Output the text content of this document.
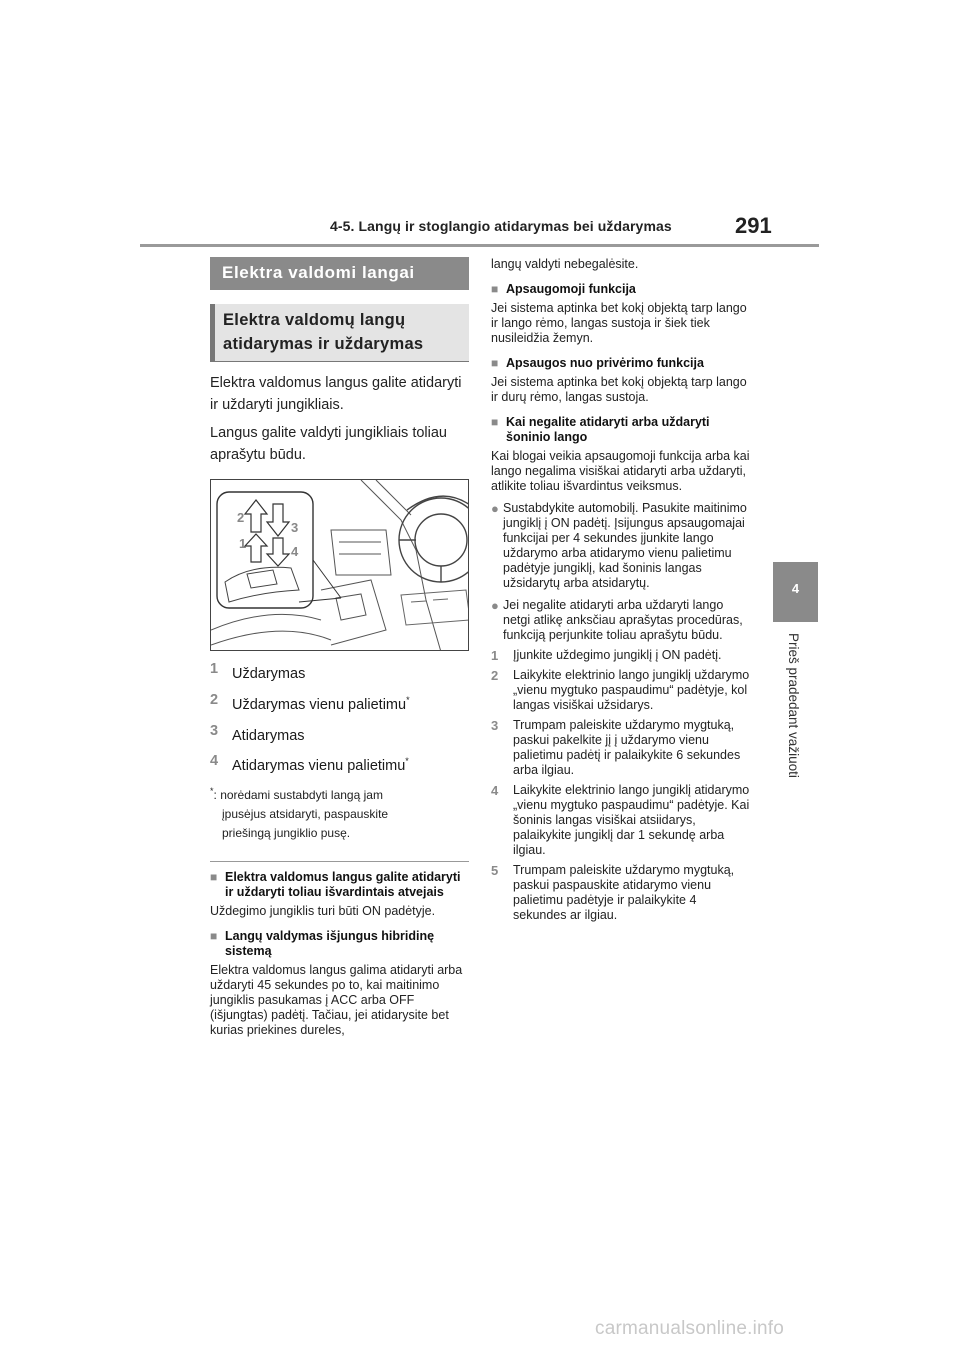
4-5. Langų ir stoglangio atidarymas bei uždarymas	291
4
Prieš pradedant važiuoti
Elektra valdomi langai
Elektra valdomų langų atidarymas ir uždarymas

Elektra valdomus langus galite atidaryti ir uždaryti jungikliais.

Langus galite valdyti jungikliais toliau aprašytu būdu.

2
1
3
4
1 Uždarymas
2 Uždarymas vienu palietimu*
3 Atidarymas
4 Atidarymas vienu palietimu*
*: norėdami sustabdyti langą jam
įpusėjus atsidaryti, paspauskite
priešingą jungiklio pusę.
■ Elektra valdomus langus galite atidaryti ir uždaryti toliau išvardintais atvejais

Uždegimo jungiklis turi būti ON padėtyje.

■ Langų valdymas išjungus hibridinę sistemą

Elektra valdomus langus galima atidaryti arba uždaryti 45 sekundes po to, kai maitinimo jungiklis pasukamas į ACC arba OFF (išjungtas) padėtį. Tačiau, jei atidarysite bet kurias priekines dureles,

langų valdyti nebegalėsite.

■ Apsaugomoji funkcija

Jei sistema aptinka bet kokį objektą tarp lango ir lango rėmo, langas sustoja ir šiek tiek nusileidžia žemyn.

■ Apsaugos nuo privėrimo funkcija

Jei sistema aptinka bet kokį objektą tarp lango ir durų rėmo, langas sustoja.

■ Kai negalite atidaryti arba uždaryti šoninio lango

Kai blogai veikia apsaugomoji funkcija arba kai lango negalima visiškai atidaryti arba uždaryti, atlikite toliau išvardintus veiksmus.

● Sustabdykite automobilį. Pasukite maitinimo jungiklį į ON padėtį. Įsijungus apsaugomajai funkcijai per 4 sekundes įjunkite lango uždarymo arba atidarymo vienu palietimu padėtyje jungiklį, kad šoninis langas užsidarytų arba atsidarytų.
● Jei negalite atidaryti arba uždaryti lango netgi atlikę anksčiau aprašytas procedūras, funkciją perjunkite toliau aprašytu būdu.
1	Įjunkite uždegimo jungiklį į ON padėtį.
2	Laikykite elektrinio lango jungiklį uždarymo „vienu mygtuko paspaudimu“ padėtyje, kol langas visiškai užsidarys.
3	Trumpam paleiskite uždarymo mygtuką, paskui pakelkite jį į uždarymo vienu palietimu padėtį ir palaikykite 6 sekundes arba ilgiau.
4	Laikykite elektrinio lango jungiklį atidarymo „vienu mygtuko paspaudimu“ padėtyje. Kai šoninis langas visiškai atsiidarys, palaikykite jungiklį dar 1 sekundę arba ilgiau.
5	Trumpam paleiskite uždarymo mygtuką, paskui paspauskite atidarymo vienu palietimu padėtyje ir palaikykite 4 sekundes ar ilgiau.
carmanualsonline.info
